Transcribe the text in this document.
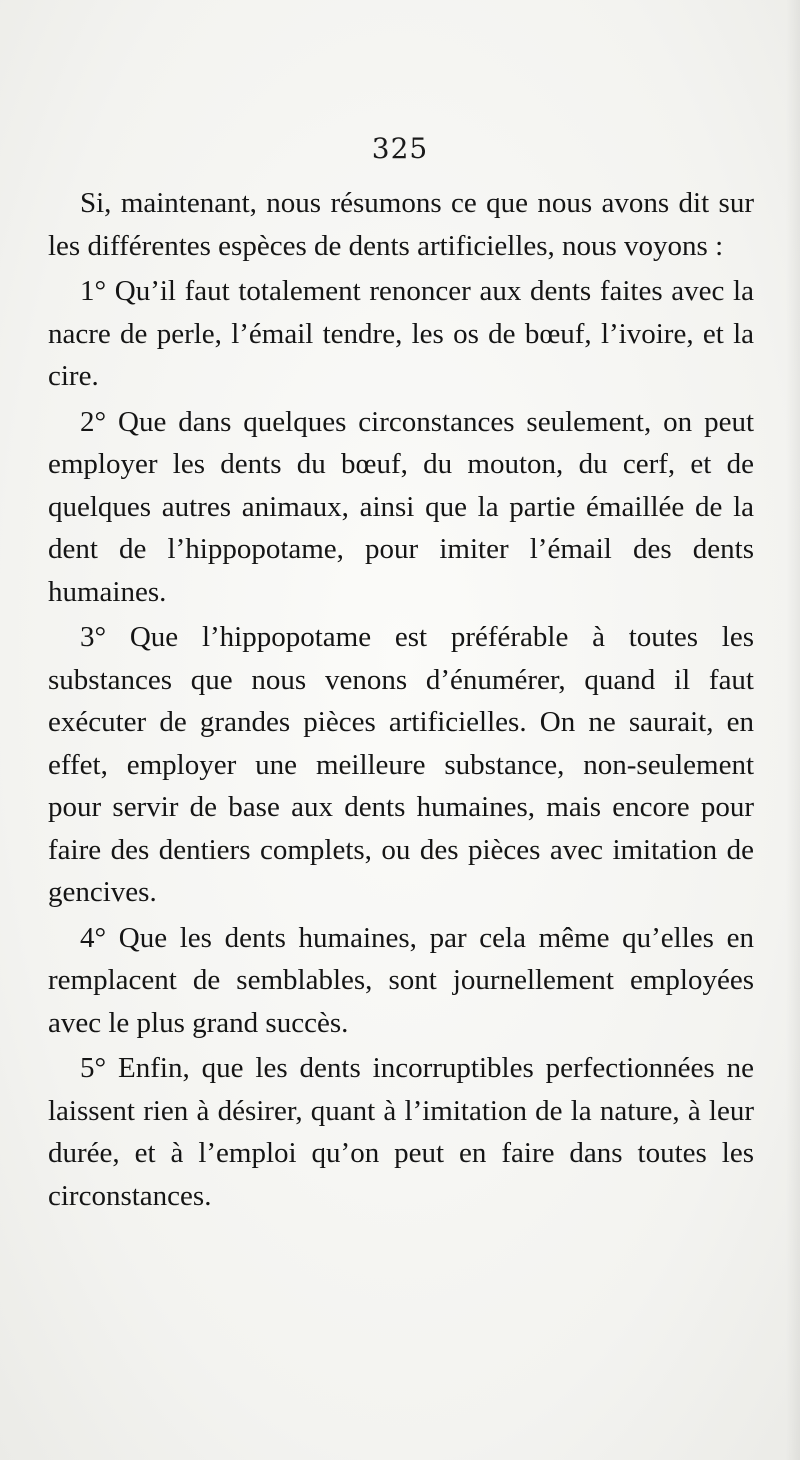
325

Si, maintenant, nous résumons ce que nous avons dit sur les différentes espèces de dents artificielles, nous voyons :

1° Qu’il faut totalement renoncer aux dents faites avec la nacre de perle, l’émail tendre, les os de bœuf, l’ivoire, et la cire.

2° Que dans quelques circonstances seulement, on peut employer les dents du bœuf, du mouton, du cerf, et de quelques autres animaux, ainsi que la partie émaillée de la dent de l’hippopotame, pour imiter l’émail des dents humaines.

3° Que l’hippopotame est préférable à toutes les substances que nous venons d’énumérer, quand il faut exécuter de grandes pièces artificielles. On ne saurait, en effet, employer une meilleure substance, non-seulement pour servir de base aux dents humaines, mais encore pour faire des dentiers complets, ou des pièces avec imitation de gencives.

4° Que les dents humaines, par cela même qu’elles en remplacent de semblables, sont journellement employées avec le plus grand succès.

5° Enfin, que les dents incorruptibles perfectionnées ne laissent rien à désirer, quant à l’imitation de la nature, à leur durée, et à l’emploi qu’on peut en faire dans toutes les circonstances.
